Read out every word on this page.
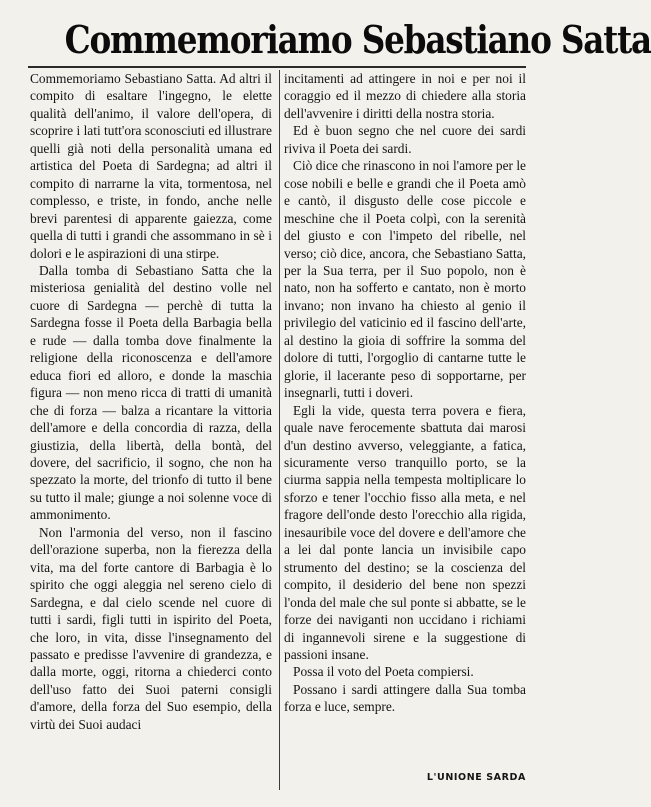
Commemoriamo Sebastiano Satta

Commemoriamo Sebastiano Satta. Ad altri il compito di esaltare l'ingegno, le elette qualità dell'animo, il valore dell'opera, di scoprire i lati tutt'ora sconosciuti ed illustrare quelli già noti della personalità umana ed artistica del Poeta di Sardegna; ad altri il compito di narrarne la vita, tormentosa, nel complesso, e triste, in fondo, anche nelle brevi parentesi di apparente gaiezza, come quella di tutti i grandi che assommano in sè i dolori e le aspirazioni di una stirpe.

Dalla tomba di Sebastiano Satta che la misteriosa genialità del destino volle nel cuore di Sardegna — perchè di tutta la Sardegna fosse il Poeta della Barbagia bella e rude — dalla tomba dove finalmente la religione della riconoscenza e dell'amore educa fiori ed alloro, e donde la maschia figura — non meno ricca di tratti di umanità che di forza — balza a ricantare la vittoria dell'amore e della concordia di razza, della giustizia, della libertà, della bontà, del dovere, del sacrificio, il sogno, che non ha spezzato la morte, del trionfo di tutto il bene su tutto il male; giunge a noi solenne voce di ammonimento.

Non l'armonia del verso, non il fascino dell'orazione superba, non la fierezza della vita, ma del forte cantore di Barbagia è lo spirito che oggi aleggia nel sereno cielo di Sardegna, e dal cielo scende nel cuore di tutti i sardi, figli tutti in ispirito del Poeta, che loro, in vita, disse l'insegnamento del passato e predisse l'avvenire di grandezza, e dalla morte, oggi, ritorna a chiederci conto dell'uso fatto dei Suoi paterni consigli d'amore, della forza del Suo esempio, della virtù dei Suoi audaci

incitamenti ad attingere in noi e per noi il coraggio ed il mezzo di chiedere alla storia dell'avvenire i diritti della nostra storia.

Ed è buon segno che nel cuore dei sardi riviva il Poeta dei sardi.

Ciò dice che rinascono in noi l'amore per le cose nobili e belle e grandi che il Poeta amò e cantò, il disgusto delle cose piccole e meschine che il Poeta colpì, con la serenità del giusto e con l'impeto del ribelle, nel verso; ciò dice, ancora, che Sebastiano Satta, per la Sua terra, per il Suo popolo, non è nato, non ha sofferto e cantato, non è morto invano; non invano ha chiesto al genio il privilegio del vaticinio ed il fascino dell'arte, al destino la gioia di soffrire la somma del dolore di tutti, l'orgoglio di cantarne tutte le glorie, il lacerante peso di sopportarne, per insegnarli, tutti i doveri.

Egli la vide, questa terra povera e fiera, quale nave ferocemente sbattuta dai marosi d'un destino avverso, veleggiante, a fatica, sicuramente verso tranquillo porto, se la ciurma sappia nella tempesta moltiplicare lo sforzo e tener l'occhio fisso alla meta, e nel fragore dell'onde desto l'orecchio alla rigida, inesauribile voce del dovere e dell'amore che a lei dal ponte lancia un invisibile capo strumento del destino; se la coscienza del compito, il desiderio del bene non spezzi l'onda del male che sul ponte si abbatte, se le forze dei naviganti non uccidano i richiami di ingannevoli sirene e la suggestione di passioni insane.

Possa il voto del Poeta compiersi.

Possano i sardi attingere dalla Sua tomba forza e luce, sempre.

L'UNIONE SARDA
